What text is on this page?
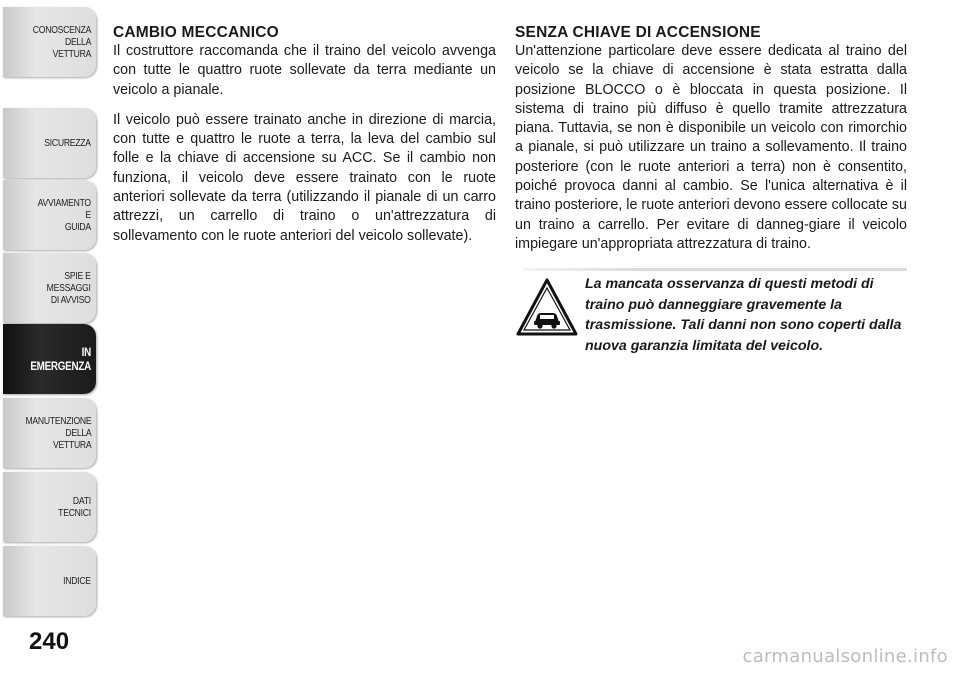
CONOSCENZA
DELLA
VETTURA
SICUREZZA
AVVIAMENTO
E
GUIDA
SPIE E
MESSAGGI
DI AVVISO
IN
EMERGENZA
MANUTENZIONE
DELLA
VETTURA
DATI
TECNICI
INDICE
240
CAMBIO MECCANICO

Il costruttore raccomanda che il traino del veicolo avvenga con tutte le quattro ruote sollevate da terra mediante un veicolo a pianale.

Il veicolo può essere trainato anche in direzione di marcia, con tutte e quattro le ruote a terra, la leva del cambio sul folle e la chiave di accensione su ACC. Se il cambio non funziona, il veicolo deve essere trainato con le ruote anteriori sollevate da terra (utilizzando il pianale di un carro attrezzi, un carrello di traino o un'attrezzatura di sollevamento con le ruote anteriori del veicolo sollevate).

SENZA CHIAVE DI ACCENSIONE

Un'attenzione particolare deve essere dedicata al traino del veicolo se la chiave di accensione è stata estratta dalla posizione BLOCCO o è bloccata in questa posizione. Il sistema di traino più diffuso è quello tramite attrezzatura piana. Tuttavia, se non è disponibile un veicolo con rimorchio a pianale, si può utilizzare un traino a sollevamento. Il traino posteriore (con le ruote anteriori a terra) non è consentito, poiché provoca danni al cambio. Se l'unica alternativa è il traino posteriore, le ruote anteriori devono essere collocate su un traino a carrello. Per evitare di danneg-giare il veicolo impiegare un'appropriata attrezzatura di traino.

La mancata osservanza di questi metodi di traino può danneggiare gravemente la trasmissione. Tali danni non sono coperti dalla nuova garanzia limitata del veicolo.

carmanualsonline.info
